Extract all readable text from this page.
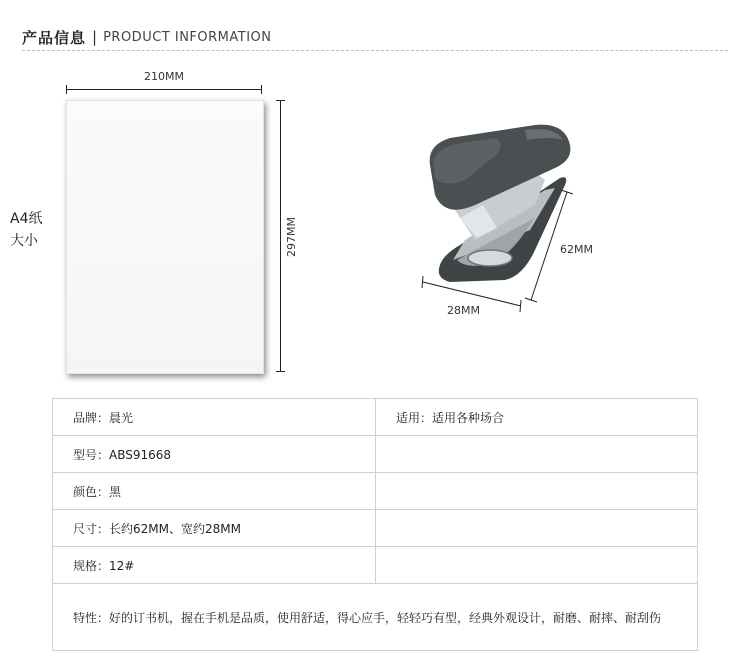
产品信息 | PRODUCT INFORMATION
A4纸
大小
210MM
297MM	62MM
28MM
品牌：晨光	适用：适用各种场合
型号：ABS91668	
颜色：黑	
尺寸：长约62MM、宽约28MM	
规格：12#	
特性：好的订书机，握在手机是品质，使用舒适，得心应手，轻轻巧有型，经典外观设计，耐磨、耐摔、耐刮伤	
